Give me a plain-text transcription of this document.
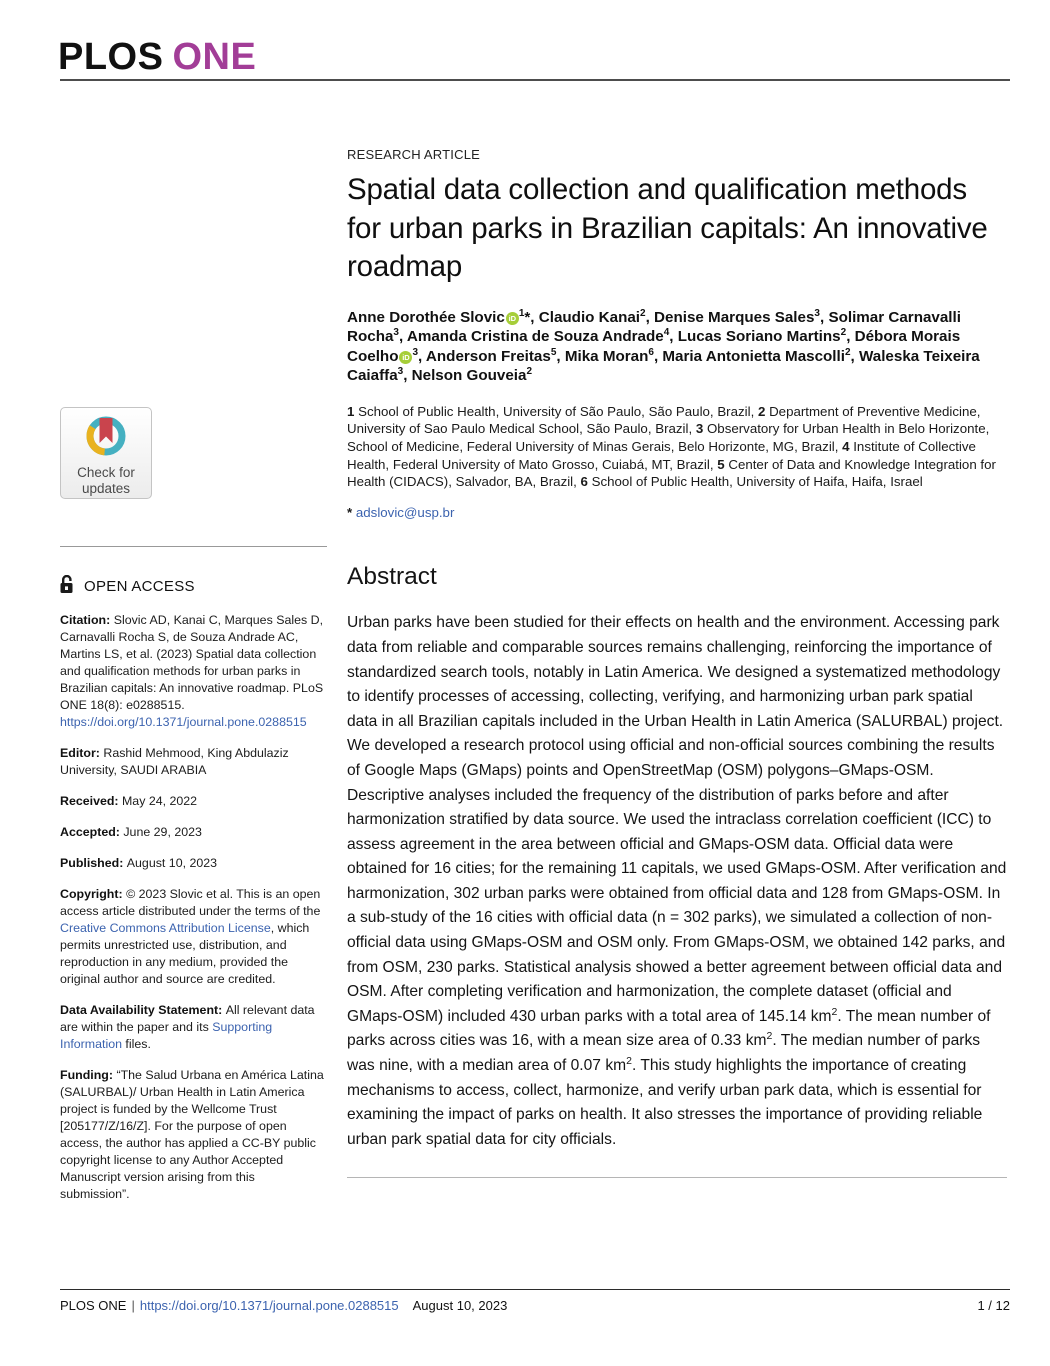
PLOS ONE
Check for
updates
OPEN ACCESS

Citation: Slovic AD, Kanai C, Marques Sales D, Carnavalli Rocha S, de Souza Andrade AC, Martins LS, et al. (2023) Spatial data collection and qualification methods for urban parks in Brazilian capitals: An innovative roadmap. PLoS ONE 18(8): e0288515. https://doi.org/10.1371/journal.pone.0288515

Editor: Rashid Mehmood, King Abdulaziz University, SAUDI ARABIA

Received: May 24, 2022

Accepted: June 29, 2023

Published: August 10, 2023

Copyright: © 2023 Slovic et al. This is an open access article distributed under the terms of the Creative Commons Attribution License, which permits unrestricted use, distribution, and reproduction in any medium, provided the original author and source are credited.

Data Availability Statement: All relevant data are within the paper and its Supporting Information files.

Funding: “The Salud Urbana en América Latina (SALURBAL)/ Urban Health in Latin America project is funded by the Wellcome Trust [205177/Z/16/Z]. For the purpose of open access, the author has applied a CC-BY public copyright license to any Author Accepted Manuscript version arising from this submission”.

RESEARCH ARTICLE
Spatial data collection and qualification methods for urban parks in Brazilian capitals: An innovative roadmap

Anne Dorothée Slovic iD $^1$*, Claudio Kanai$^2$, Denise Marques Sales$^3$, Solimar Carnavalli Rocha$^3$, Amanda Cristina de Souza Andrade$^4$, Lucas Soriano Martins$^2$, Débora Morais Coelho iD $^3$, Anderson Freitas$^5$, Mika Moran$^6$, Maria Antonietta Mascolli$^2$, Waleska Teixeira Caiaffa$^3$, Nelson Gouveia$^2$

1 School of Public Health, University of São Paulo, São Paulo, Brazil, 2 Department of Preventive Medicine, University of Sao Paulo Medical School, São Paulo, Brazil, 3 Observatory for Urban Health in Belo Horizonte, School of Medicine, Federal University of Minas Gerais, Belo Horizonte, MG, Brazil, 4 Institute of Collective Health, Federal University of Mato Grosso, Cuiabá, MT, Brazil, 5 Center of Data and Knowledge Integration for Health (CIDACS), Salvador, BA, Brazil, 6 School of Public Health, University of Haifa, Haifa, Israel

* adslovic@usp.br

Abstract

Urban parks have been studied for their effects on health and the environment. Accessing park data from reliable and comparable sources remains challenging, reinforcing the importance of standardized search tools, notably in Latin America. We designed a systematized methodology to identify processes of accessing, collecting, verifying, and harmonizing urban park spatial data in all Brazilian capitals included in the Urban Health in Latin America (SALURBAL) project. We developed a research protocol using official and non-official sources combining the results of Google Maps (GMaps) points and OpenStreetMap (OSM) polygons–GMaps-OSM. Descriptive analyses included the frequency of the distribution of parks before and after harmonization stratified by data source. We used the intraclass correlation coefficient (ICC) to assess agreement in the area between official and GMaps-OSM data. Official data were obtained for 16 cities; for the remaining 11 capitals, we used GMaps-OSM. After verification and harmonization, 302 urban parks were obtained from official data and 128 from GMaps-OSM. In a sub-study of the 16 cities with official data (n = 302 parks), we simulated a collection of non-official data using GMaps-OSM and OSM only. From GMaps-OSM, we obtained 142 parks, and from OSM, 230 parks. Statistical analysis showed a better agreement between official data and OSM. After completing verification and harmonization, the complete dataset (official and GMaps-OSM) included 430 urban parks with a total area of 145.14 $km^2$. The mean number of parks across cities was 16, with a mean size area of 0.33 $km^2$. The median number of parks was nine, with a median area of 0.07 $km^2$. This study highlights the importance of creating mechanisms to access, collect, harmonize, and verify urban park data, which is essential for examining the impact of parks on health. It also stresses the importance of providing reliable urban park spatial data for city officials.

PLOS ONE | https://doi.org/10.1371/journal.pone.0288515 August 10, 2023	1 / 12
